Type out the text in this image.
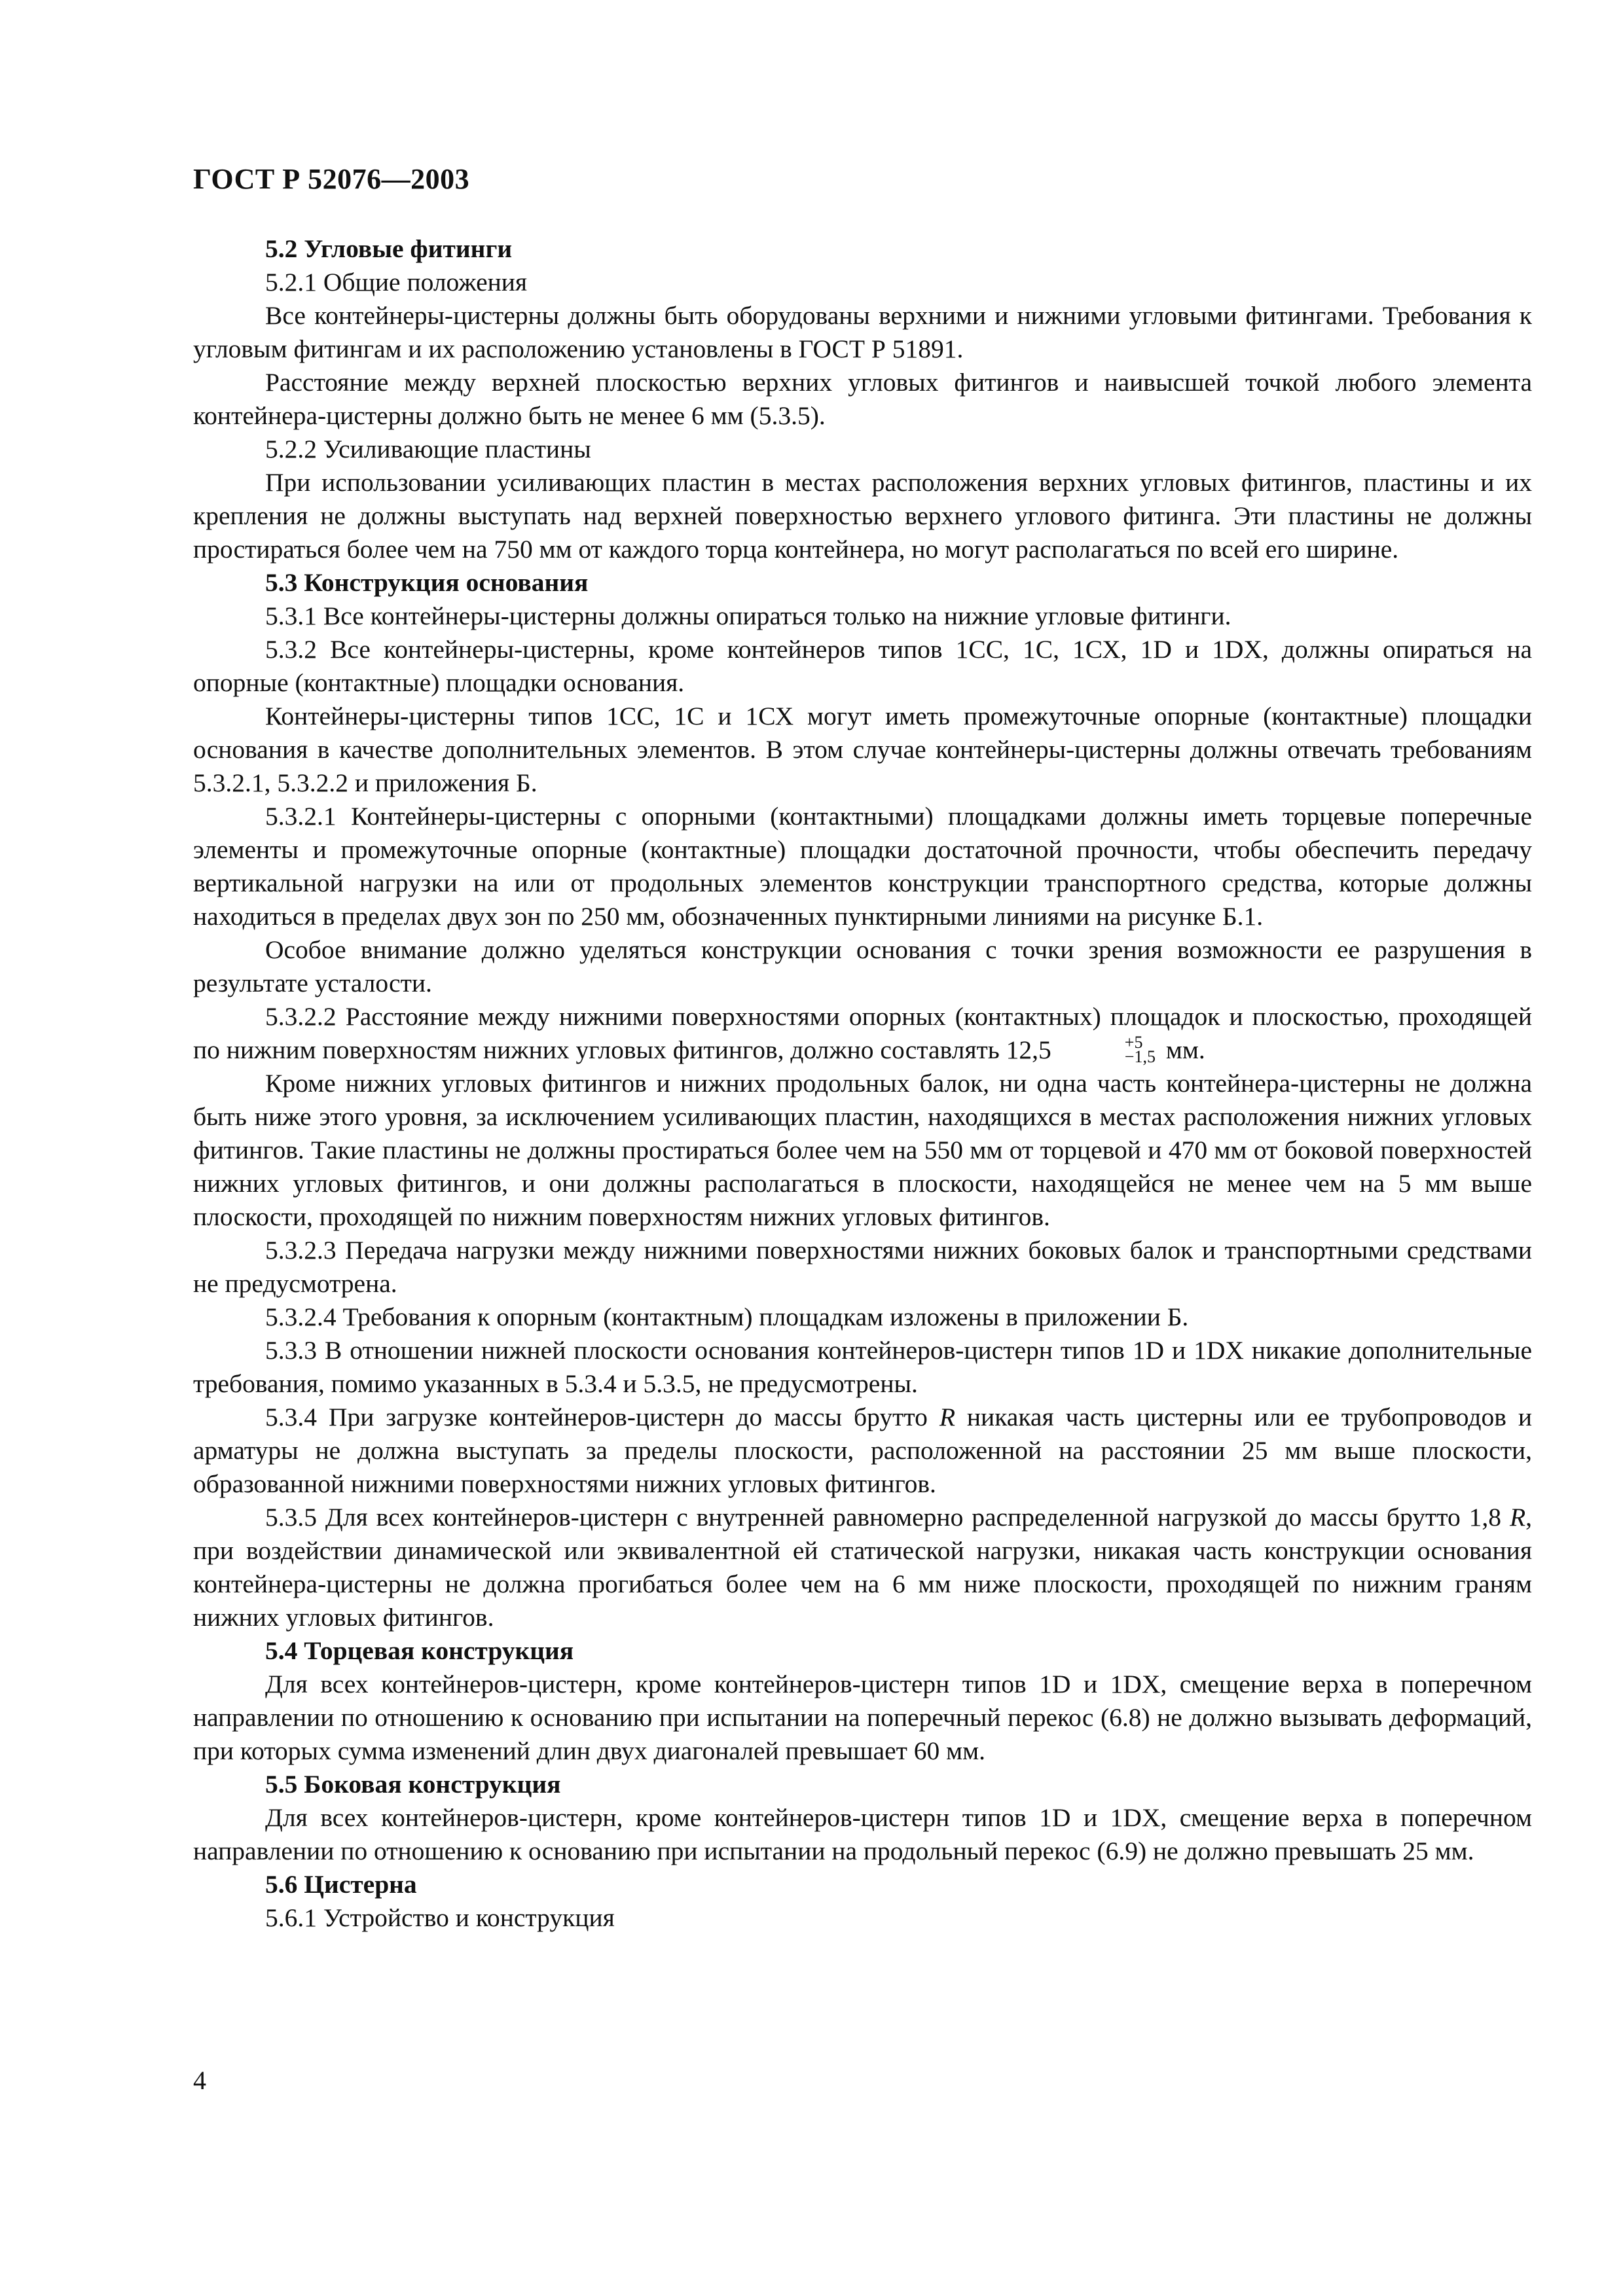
ГОСТ Р 52076—2003

5.2 Угловые фитинги

5.2.1 Общие положения

Все контейнеры-цистерны должны быть оборудованы верхними и нижними угловыми фитингами. Требования к угловым фитингам и их расположению установлены в ГОСТ Р 51891.

Расстояние между верхней плоскостью верхних угловых фитингов и наивысшей точкой любого элемента контейнера-цистерны должно быть не менее 6 мм (5.3.5).

5.2.2 Усиливающие пластины

При использовании усиливающих пластин в местах расположения верхних угловых фитингов, пластины и их крепления не должны выступать над верхней поверхностью верхнего углового фитинга. Эти пластины не должны простираться более чем на 750 мм от каждого торца контейнера, но могут располагаться по всей его ширине.

5.3 Конструкция основания

5.3.1 Все контейнеры-цистерны должны опираться только на нижние угловые фитинги.

5.3.2 Все контейнеры-цистерны, кроме контейнеров типов 1СС, 1С, 1СХ, 1D и 1DX, должны опираться на опорные (контактные) площадки основания.

Контейнеры-цистерны типов 1СС, 1С и 1СХ могут иметь промежуточные опорные (контактные) площадки основания в качестве дополнительных элементов. В этом случае контейнеры-цистерны должны отвечать требованиям 5.3.2.1, 5.3.2.2 и приложения Б.

5.3.2.1 Контейнеры-цистерны с опорными (контактными) площадками должны иметь торцевые поперечные элементы и промежуточные опорные (контактные) площадки достаточной прочности, чтобы обеспечить передачу вертикальной нагрузки на или от продольных элементов конструкции транспортного средства, которые должны находиться в пределах двух зон по 250 мм, обозначенных пунктирными линиями на рисунке Б.1.

Особое внимание должно уделяться конструкции основания с точки зрения возможности ее разрушения в результате усталости.

5.3.2.2 Расстояние между нижними поверхностями опорных (контактных) площадок и плоскостью, проходящей по нижним поверхностям нижних угловых фитингов, должно составлять 12,5	+5
−1,5 мм.

Кроме нижних угловых фитингов и нижних продольных балок, ни одна часть контейнера-цистерны не должна быть ниже этого уровня, за исключением усиливающих пластин, находящихся в местах расположения нижних угловых фитингов. Такие пластины не должны простираться более чем на 550 мм от торцевой и 470 мм от боковой поверхностей нижних угловых фитингов, и они должны располагаться в плоскости, находящейся не менее чем на 5 мм выше плоскости, проходящей по нижним поверхностям нижних угловых фитингов.

5.3.2.3 Передача нагрузки между нижними поверхностями нижних боковых балок и транспортными средствами не предусмотрена.

5.3.2.4 Требования к опорным (контактным) площадкам изложены в приложении Б.

5.3.3 В отношении нижней плоскости основания контейнеров-цистерн типов 1D и 1DX никакие дополнительные требования, помимо указанных в 5.3.4 и 5.3.5, не предусмотрены.

5.3.4 При загрузке контейнеров-цистерн до массы брутто R никакая часть цистерны или ее трубопроводов и арматуры не должна выступать за пределы плоскости, расположенной на расстоянии 25 мм выше плоскости, образованной нижними поверхностями нижних угловых фитингов.

5.3.5 Для всех контейнеров-цистерн с внутренней равномерно распределенной нагрузкой до массы брутто 1,8 R, при воздействии динамической или эквивалентной ей статической нагрузки, никакая часть конструкции основания контейнера-цистерны не должна прогибаться более чем на 6 мм ниже плоскости, проходящей по нижним граням нижних угловых фитингов.

5.4 Торцевая конструкция

Для всех контейнеров-цистерн, кроме контейнеров-цистерн типов 1D и 1DX, смещение верха в поперечном направлении по отношению к основанию при испытании на поперечный перекос (6.8) не должно вызывать деформаций, при которых сумма изменений длин двух диагоналей превышает 60 мм.

5.5 Боковая конструкция

Для всех контейнеров-цистерн, кроме контейнеров-цистерн типов 1D и 1DX, смещение верха в поперечном направлении по отношению к основанию при испытании на продольный перекос (6.9) не должно превышать 25 мм.

5.6 Цистерна

5.6.1 Устройство и конструкция

4
